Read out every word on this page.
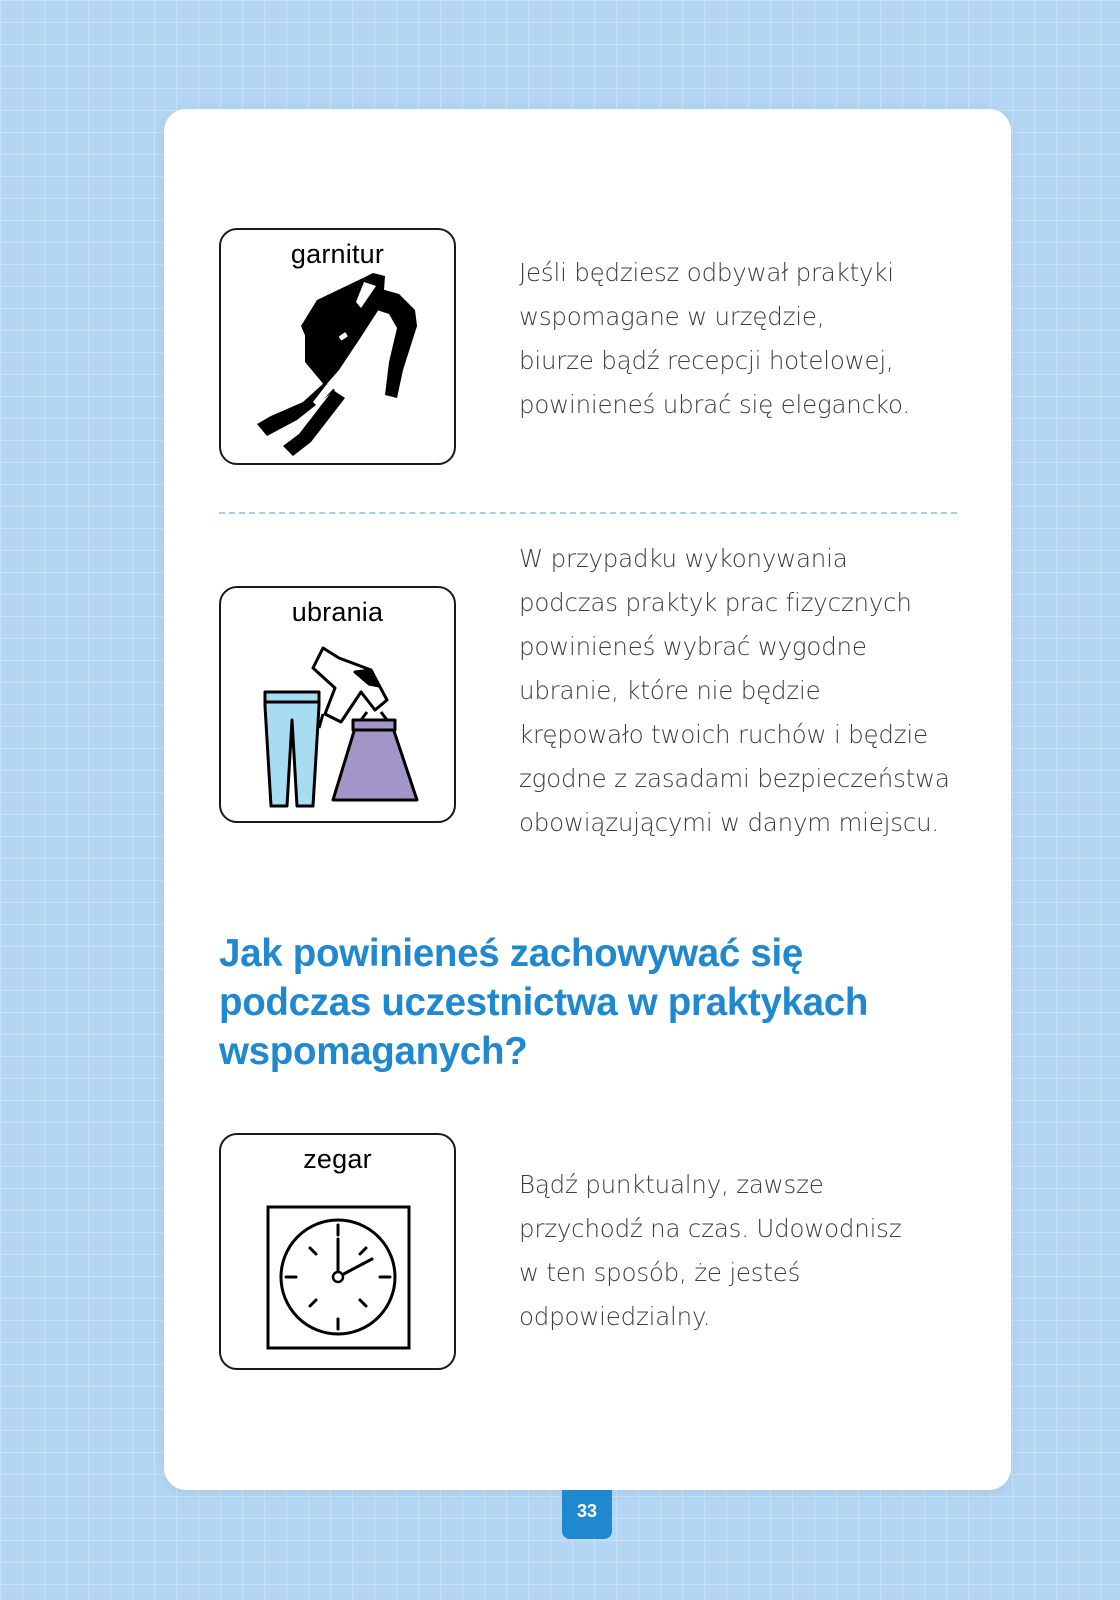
garnitur

Jeśli będziesz odbywał praktyki
wspomagane w urzędzie,
biurze bądź recepcji hotelowej,
powinieneś ubrać się elegancko.

ubrania

W przypadku wykonywania
podczas praktyk prac fizycznych
powinieneś wybrać wygodne
ubranie, które nie będzie
krępowało twoich ruchów i będzie
zgodne z zasadami bezpieczeństwa
obowiązującymi w danym miejscu.

Jak powinieneś zachowywać się
podczas uczestnictwa w praktykach
wspomaganych?
zegar

Bądź punktualny, zawsze
przychodź na czas. Udowodnisz
w ten sposób, że jesteś
odpowiedzialny.

33
